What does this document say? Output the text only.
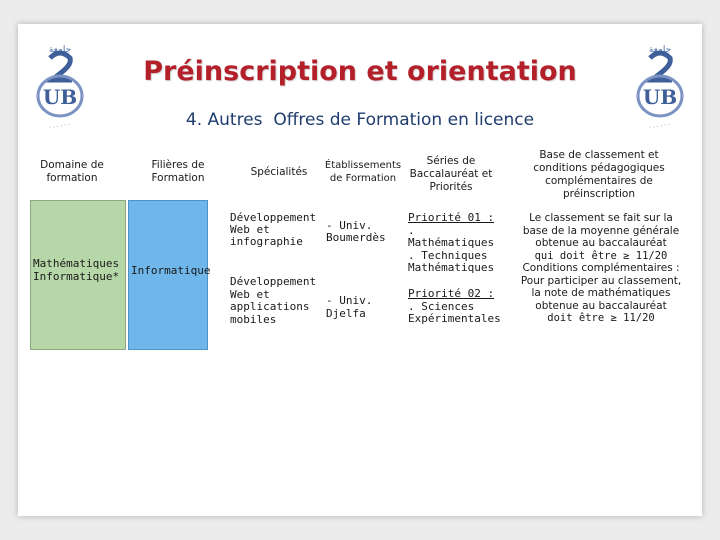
جامعة
UB
· · · · · ·
جامعة
UB
· · · · · ·
Préinscription et orientation
4. Autres  Offres de Formation en licence
Domaine de
formation
Filières de
Formation
Spécialités Établissements
de Formation
Séries de
Baccalauréat et
Priorités
Base de classement et
conditions pédagogiques
complémentaires de
préinscription
Mathématiques
Informatique* Informatique
Développement
Web et
infographie
Développement
Web et
applications
mobiles
- Univ.
Boumerdès
- Univ. Djelfa
Priorité 01 :
.
Mathématiques
. Techniques
Mathématiques
Priorité 02 :
. Sciences
Expérimentales
Le classement se fait sur la
base de la moyenne générale
obtenue au baccalauréat
qui doit être ≥ 11/20
Conditions complémentaires :
Pour participer au classement,
la note de mathématiques
obtenue au baccalauréat
doit être ≥ 11/20
